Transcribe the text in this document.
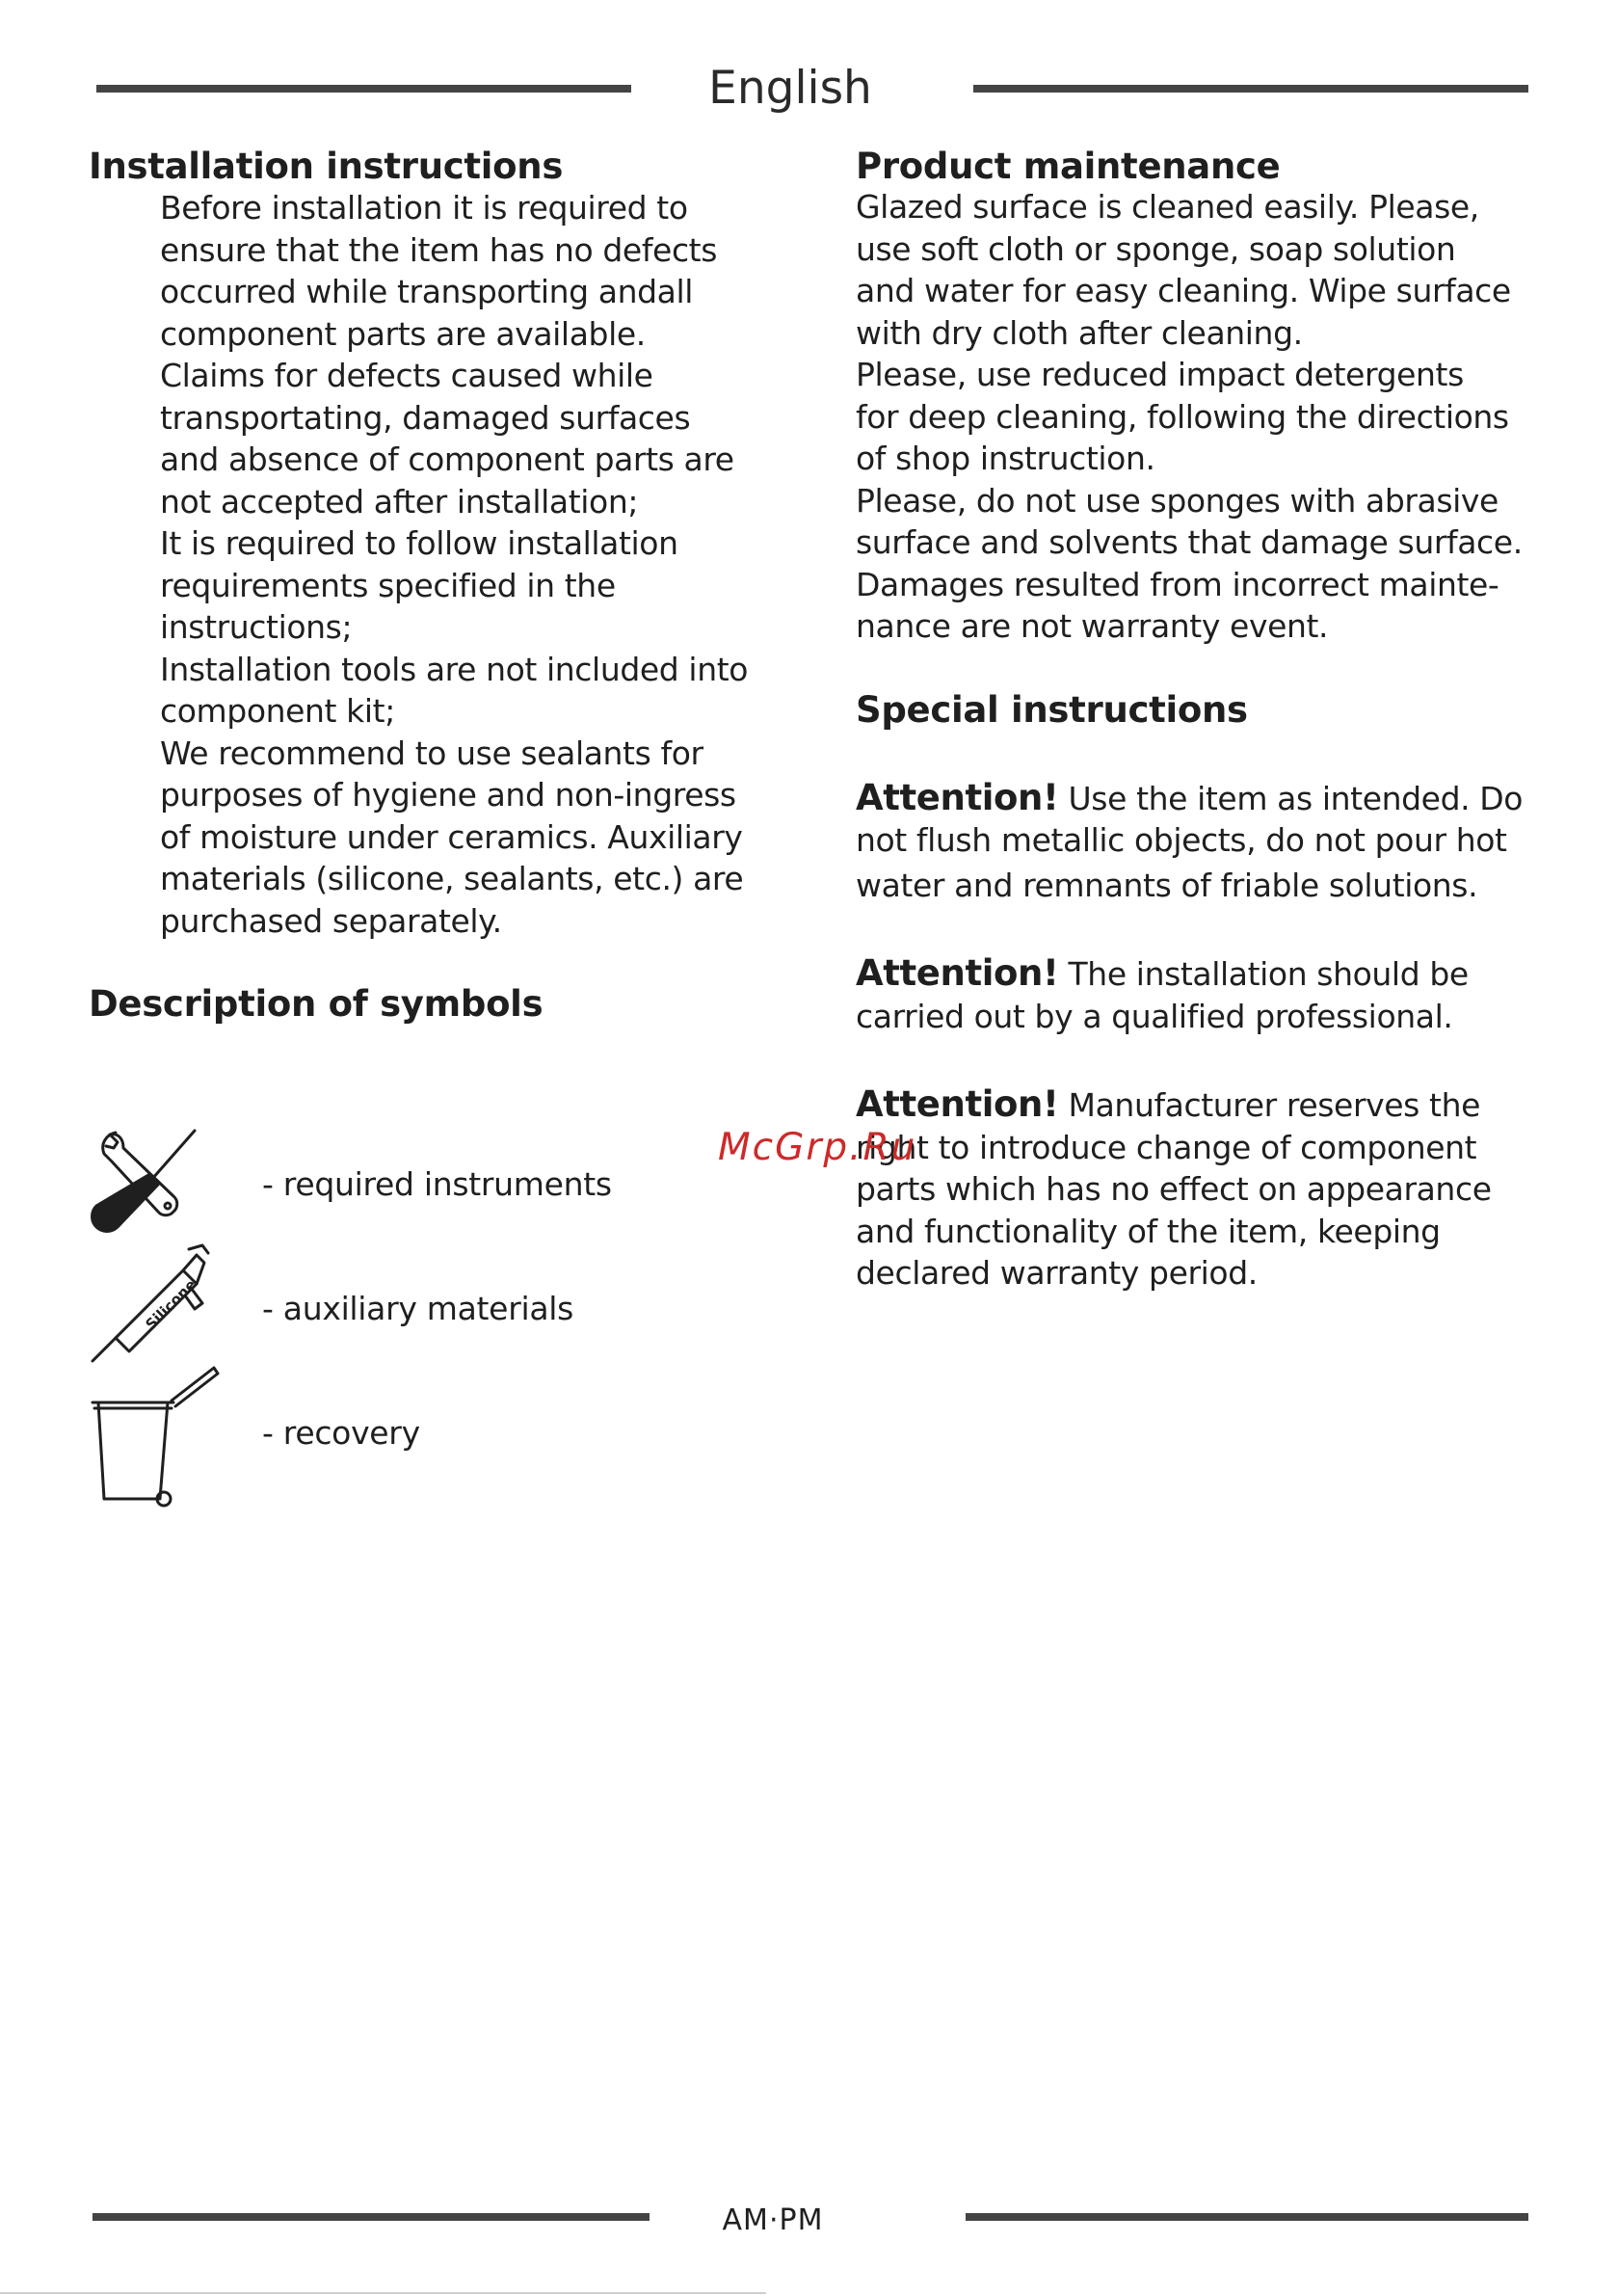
English
Installation instructions
Before installation it is required to
ensure that the item has no defects
occurred while transporting andall
component parts are available.
Claims for defects caused while
transportating, damaged surfaces
and absence of component parts are
not accepted after installation;
It is required to follow installation
requirements specified in the
instructions;
Installation tools are not included into
component kit;
We recommend to use sealants for
purposes of hygiene and non-ingress
of moisture under ceramics. Auxiliary
materials (silicone, sealants, etc.) are
purchased separately.
Description of symbols
- required instruments
Silicone - auxiliary materials
- recovery
Product maintenance
Glazed surface is cleaned easily. Please,
use soft cloth or sponge, soap solution
and water for easy cleaning. Wipe surface
with dry cloth after cleaning.
Please, use reduced impact detergents
for deep cleaning, following the directions
of shop instruction.
Please, do not use sponges with abrasive
surface and solvents that damage surface.
Damages resulted from incorrect mainte-
nance are not warranty event.
Special instructions
Attention! Use the item as intended. Do
not flush metallic objects, do not pour hot
water and remnants of friable solutions.
Attention! The installation should be
carried out by a qualified professional.
Attention! Manufacturer reserves the
right to introduce change of component
parts which has no effect on appearance
and functionality of the item, keeping
declared warranty period.
McGrp.Ru
AM·PM
